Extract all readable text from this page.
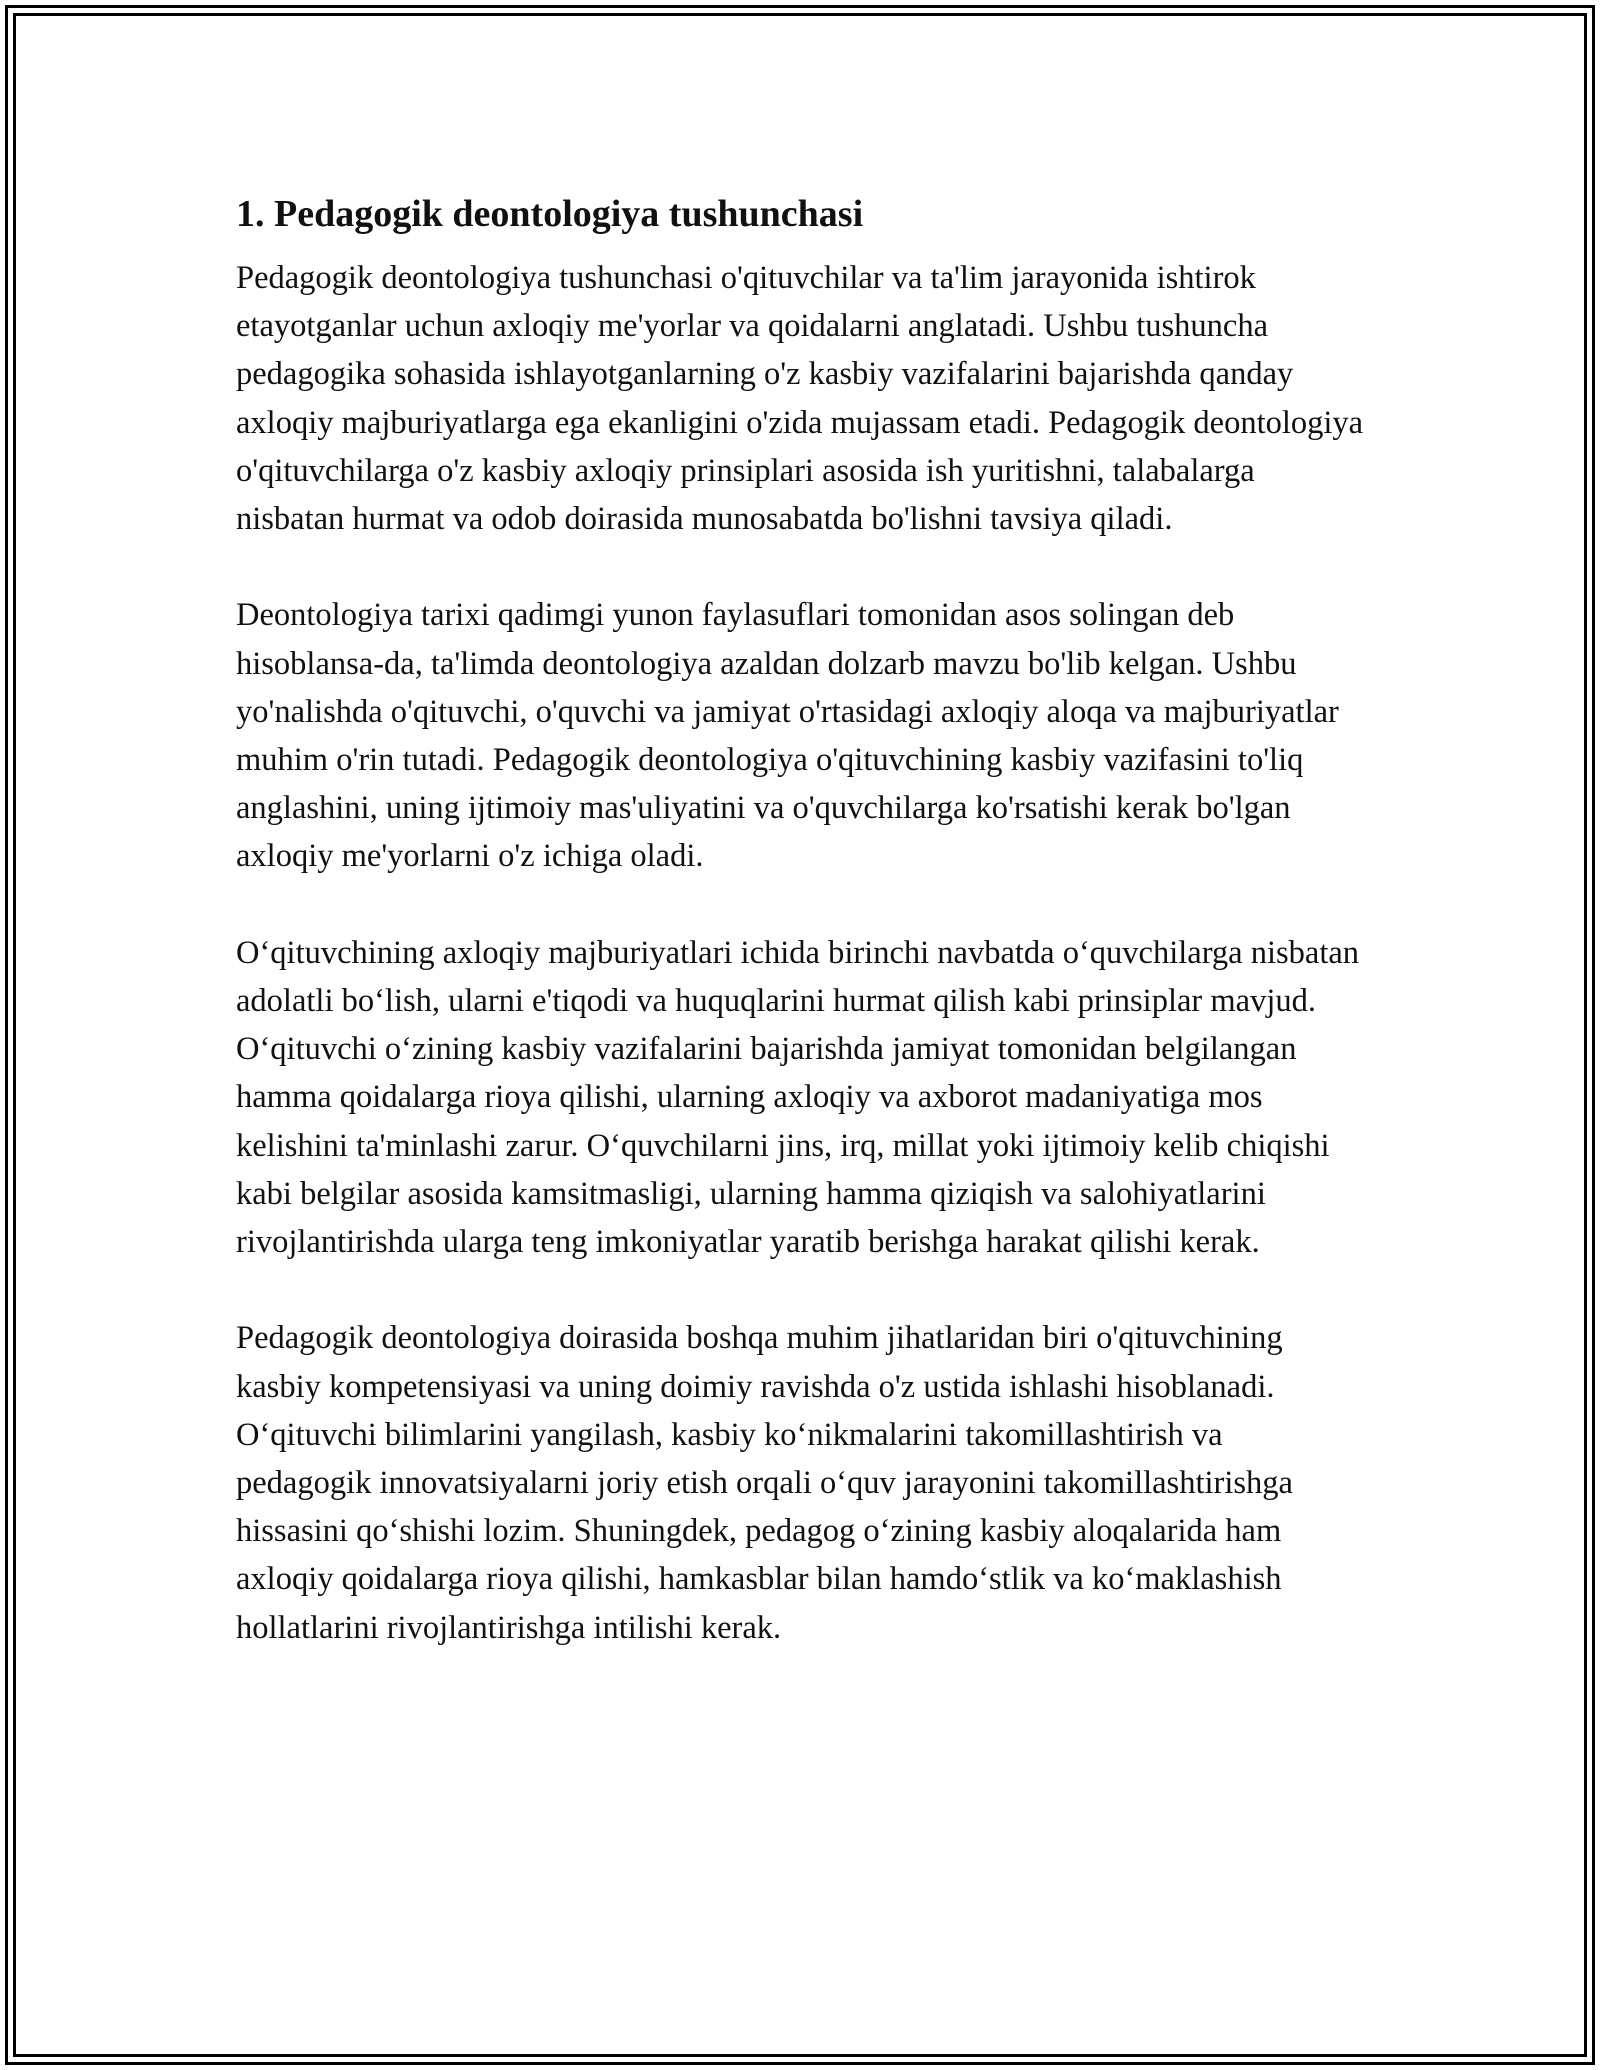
1. Pedagogik deontologiya tushunchasi

Pedagogik deontologiya tushunchasi o'qituvchilar va ta'lim jarayonida ishtirok etayotganlar uchun axloqiy me'yorlar va qoidalarni anglatadi. Ushbu tushuncha pedagogika sohasida ishlayotganlarning o'z kasbiy vazifalarini bajarishda qanday axloqiy majburiyatlarga ega ekanligini o'zida mujassam etadi. Pedagogik deontologiya o'qituvchilarga o'z kasbiy axloqiy prinsiplari asosida ish yuritishni, talabalarga nisbatan hurmat va odob doirasida munosabatda bo'lishni tavsiya qiladi.

Deontologiya tarixi qadimgi yunon faylasuflari tomonidan asos solingan deb hisoblansa-da, ta'limda deontologiya azaldan dolzarb mavzu bo'lib kelgan. Ushbu yo'nalishda o'qituvchi, o'quvchi va jamiyat o'rtasidagi axloqiy aloqa va majburiyatlar muhim o'rin tutadi. Pedagogik deontologiya o'qituvchining kasbiy vazifasini to'liq anglashini, uning ijtimoiy mas'uliyatini va o'quvchilarga ko'rsatishi kerak bo'lgan axloqiy me'yorlarni o'z ichiga oladi.

O‘qituvchining axloqiy majburiyatlari ichida birinchi navbatda o‘quvchilarga nisbatan adolatli bo‘lish, ularni e'tiqodi va huquqlarini hurmat qilish kabi prinsiplar mavjud. O‘qituvchi o‘zining kasbiy vazifalarini bajarishda jamiyat tomonidan belgilangan hamma qoidalarga rioya qilishi, ularning axloqiy va axborot madaniyatiga mos kelishini ta'minlashi zarur. O‘quvchilarni jins, irq, millat yoki ijtimoiy kelib chiqishi kabi belgilar asosida kamsitmasligi, ularning hamma qiziqish va salohiyatlarini rivojlantirishda ularga teng imkoniyatlar yaratib berishga harakat qilishi kerak.

Pedagogik deontologiya doirasida boshqa muhim jihatlaridan biri o'qituvchining kasbiy kompetensiyasi va uning doimiy ravishda o'z ustida ishlashi hisoblanadi. O‘qituvchi bilimlarini yangilash, kasbiy ko‘nikmalarini takomillashtirish va pedagogik innovatsiyalarni joriy etish orqali o‘quv jarayonini takomillashtirishga hissasini qo‘shishi lozim. Shuningdek, pedagog o‘zining kasbiy aloqalarida ham axloqiy qoidalarga rioya qilishi, hamkasblar bilan hamdo‘stlik va ko‘maklashish hollatlarini rivojlantirishga intilishi kerak.
